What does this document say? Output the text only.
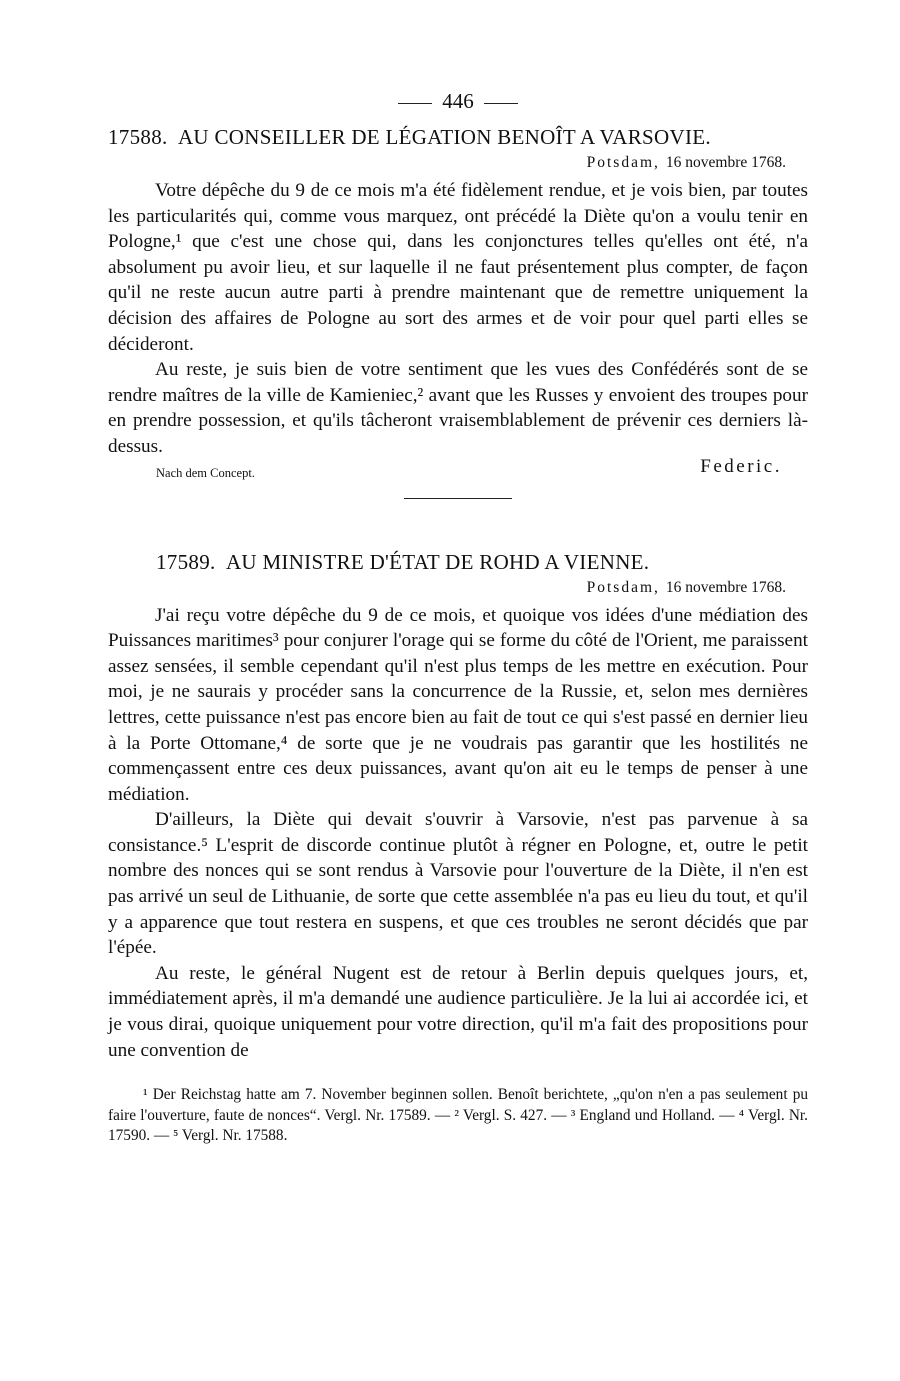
446
17588. AU CONSEILLER DE LÉGATION BENOÎT A VARSOVIE.
Potsdam, 16 novembre 1768.

Votre dépêche du 9 de ce mois m'a été fidèlement rendue, et je vois bien, par toutes les particularités qui, comme vous marquez, ont précédé la Diète qu'on a voulu tenir en Pologne,¹ que c'est une chose qui, dans les conjonctures telles qu'elles ont été, n'a absolument pu avoir lieu, et sur laquelle il ne faut présentement plus compter, de façon qu'il ne reste aucun autre parti à prendre maintenant que de remettre uniquement la décision des affaires de Pologne au sort des armes et de voir pour quel parti elles se décideront.

Au reste, je suis bien de votre sentiment que les vues des Confédérés sont de se rendre maîtres de la ville de Kamieniec,² avant que les Russes y envoient des troupes pour en prendre possession, et qu'ils tâcheront vraisemblablement de prévenir ces derniers là-dessus.

Nach dem Concept.	Federic.
17589. AU MINISTRE D'ÉTAT DE ROHD A VIENNE.
Potsdam, 16 novembre 1768.

J'ai reçu votre dépêche du 9 de ce mois, et quoique vos idées d'une médiation des Puissances maritimes³ pour conjurer l'orage qui se forme du côté de l'Orient, me paraissent assez sensées, il semble cependant qu'il n'est plus temps de les mettre en exécution. Pour moi, je ne saurais y procéder sans la concurrence de la Russie, et, selon mes dernières lettres, cette puissance n'est pas encore bien au fait de tout ce qui s'est passé en dernier lieu à la Porte Ottomane,⁴ de sorte que je ne voudrais pas garantir que les hostilités ne commençassent entre ces deux puissances, avant qu'on ait eu le temps de penser à une médiation.

D'ailleurs, la Diète qui devait s'ouvrir à Varsovie, n'est pas parvenue à sa consistance.⁵ L'esprit de discorde continue plutôt à régner en Pologne, et, outre le petit nombre des nonces qui se sont rendus à Varsovie pour l'ouverture de la Diète, il n'en est pas arrivé un seul de Lithuanie, de sorte que cette assemblée n'a pas eu lieu du tout, et qu'il y a apparence que tout restera en suspens, et que ces troubles ne seront décidés que par l'épée.

Au reste, le général Nugent est de retour à Berlin depuis quelques jours, et, immédiatement après, il m'a demandé une audience particulière. Je la lui ai accordée ici, et je vous dirai, quoique uniquement pour votre direction, qu'il m'a fait des propositions pour une convention de

¹ Der Reichstag hatte am 7. November beginnen sollen. Benoît berichtete, „qu'on n'en a pas seulement pu faire l'ouverture, faute de nonces“. Vergl. Nr. 17589. — ² Vergl. S. 427. — ³ England und Holland. — ⁴ Vergl. Nr. 17590. — ⁵ Vergl. Nr. 17588.
